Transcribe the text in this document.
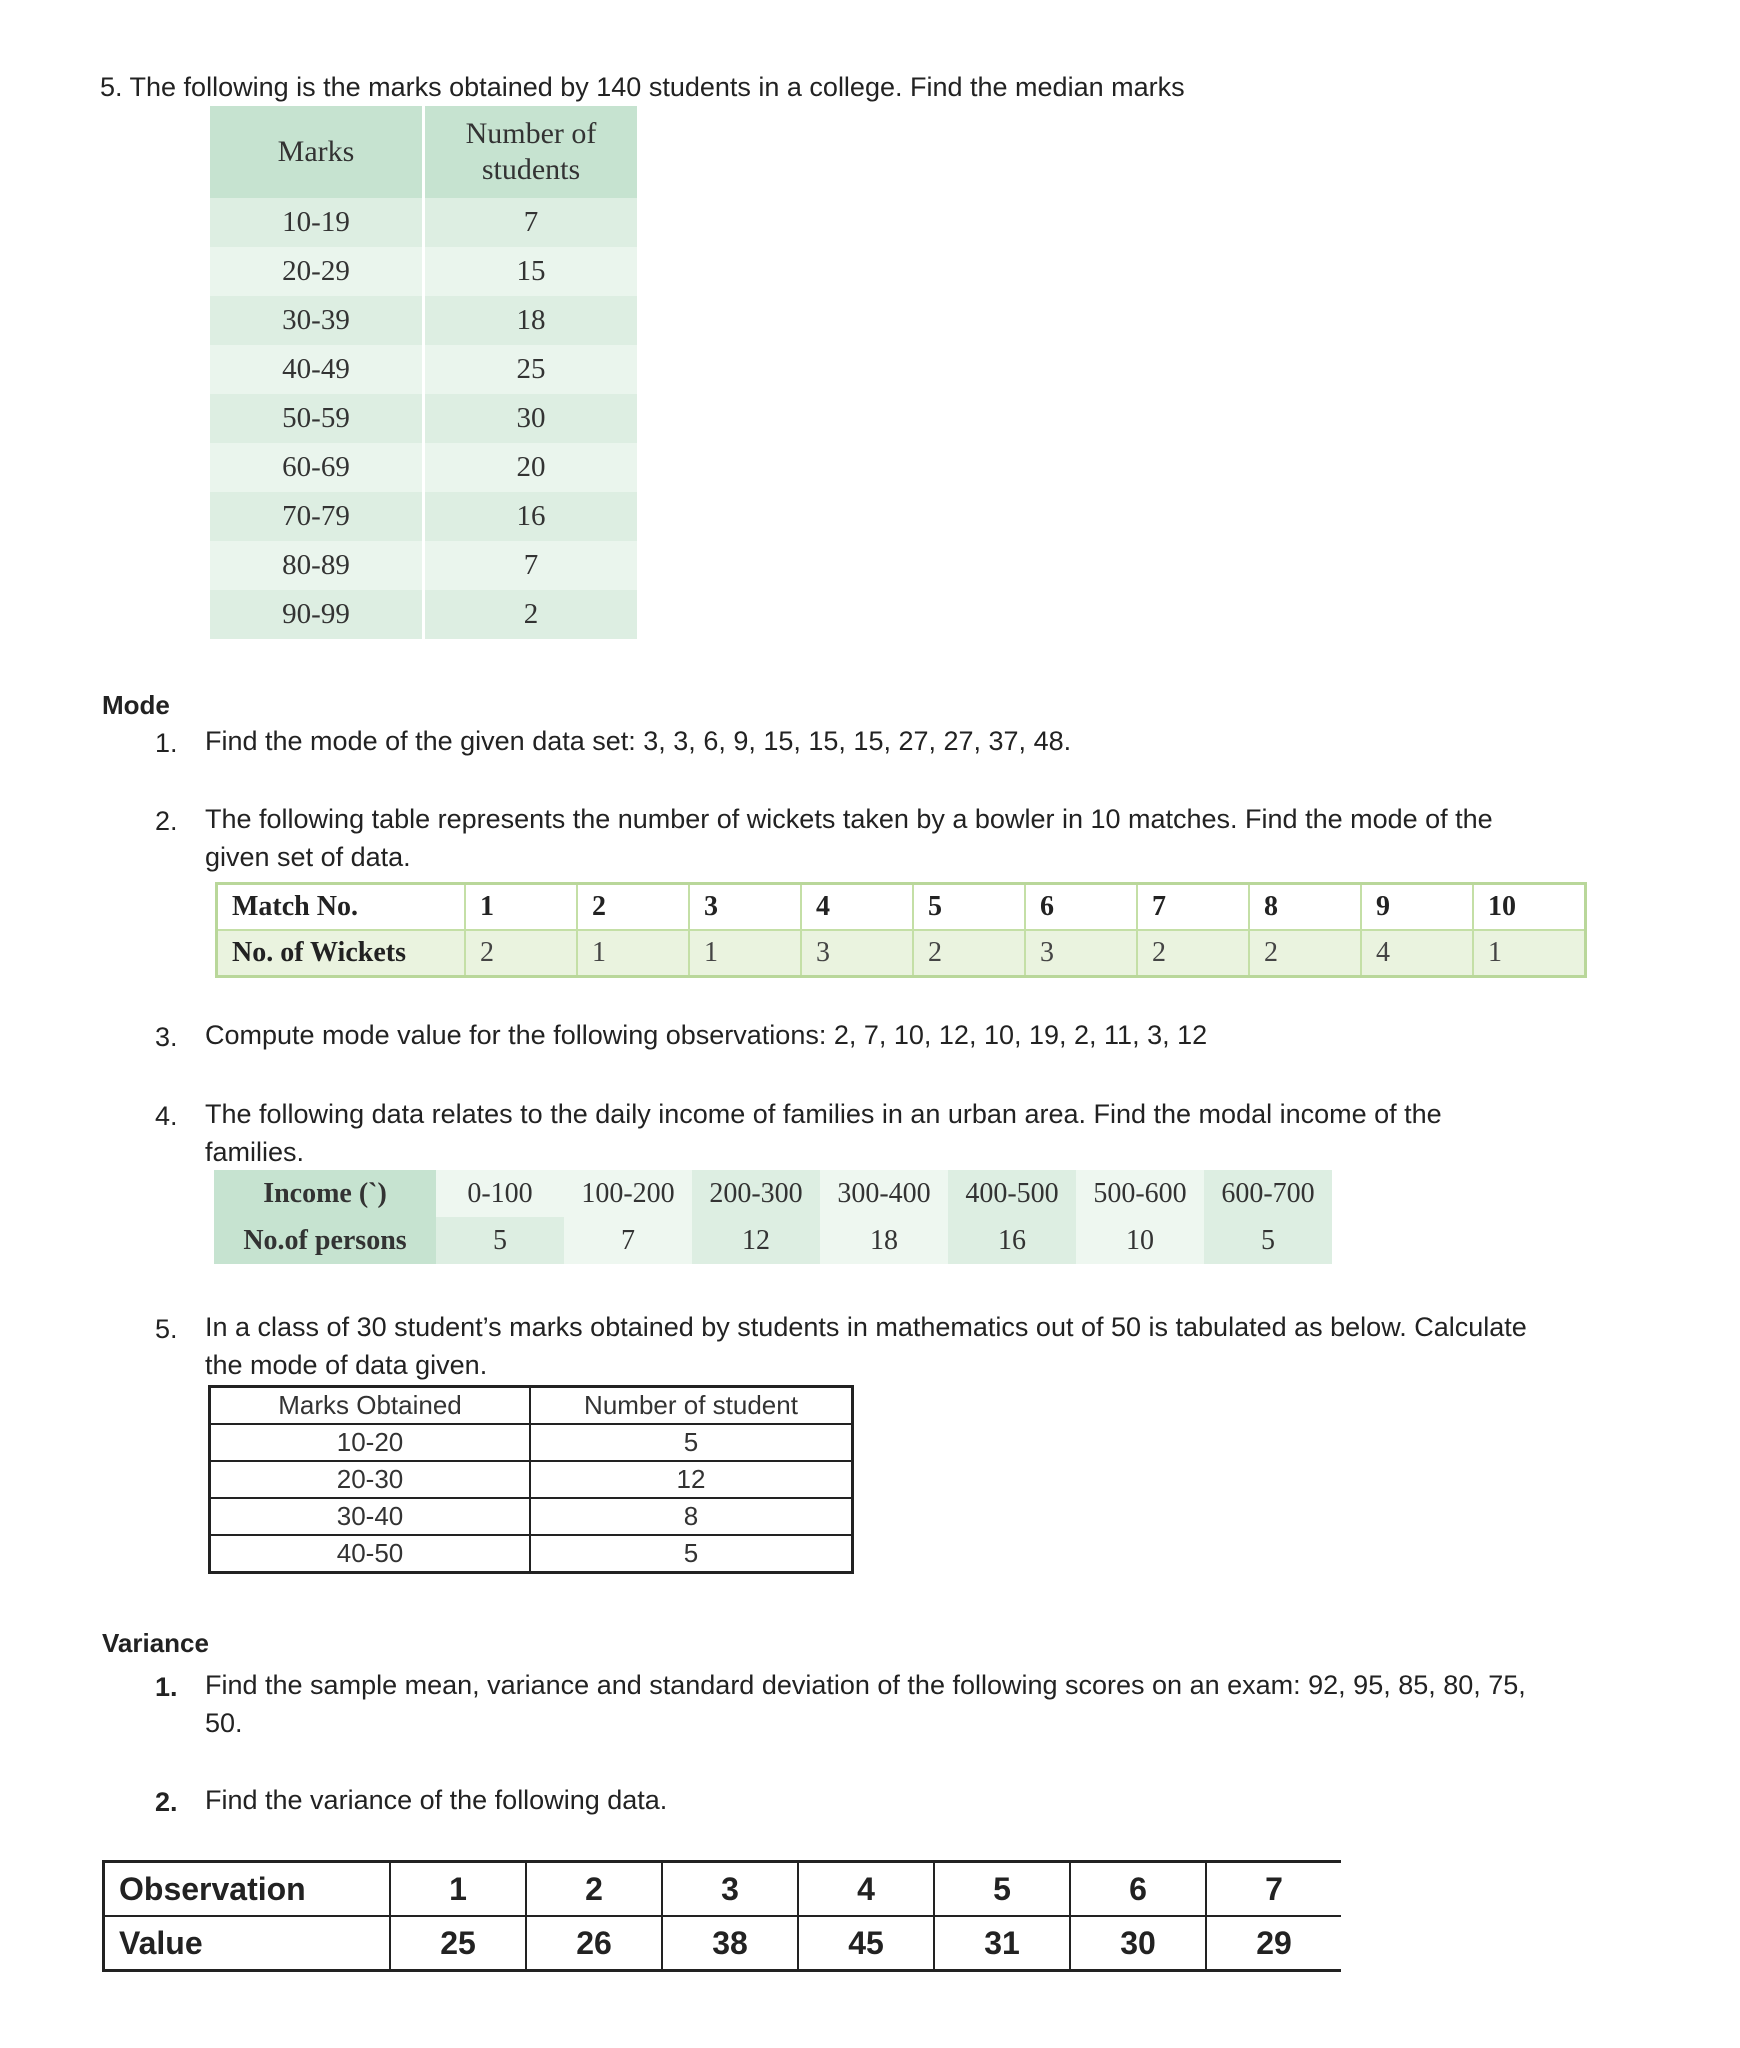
5. The following is the marks obtained by 140 students in a college. Find the median marks
Marks	Number of students
10-19	7
20-29	15
30-39	18
40-49	25
50-59	30
60-69	20
70-79	16
80-89	7
90-99	2
Mode
1. Find the mode of the given data set: 3, 3, 6, 9, 15, 15, 15, 27, 27, 37, 48.
2. The following table represents the number of wickets taken by a bowler in 10 matches. Find the mode of the
given set of data.
Match No.	1	2	3	4	5	6	7	8	9	10
No. of Wickets	2	1	1	3	2	3	2	2	4	1
3. Compute mode value for the following observations: 2, 7, 10, 12, 10, 19, 2, 11, 3, 12
4. The following data relates to the daily income of families in an urban area. Find the modal income of the
families.
Income (`)	0-100	100-200	200-300	300-400	400-500	500-600	600-700
No.of persons	5	7	12	18	16	10	5
5. In a class of 30 student’s marks obtained by students in mathematics out of 50 is tabulated as below. Calculate
the mode of data given.
Marks Obtained	Number of student
10-20	5
20-30	12
30-40	8
40-50	5
Variance
1. Find the sample mean, variance and standard deviation of the following scores on an exam: 92, 95, 85, 80, 75,
50.
2. Find the variance of the following data.
Observation	1	2	3	4	5	6	7
Value	25	26	38	45	31	30	29
